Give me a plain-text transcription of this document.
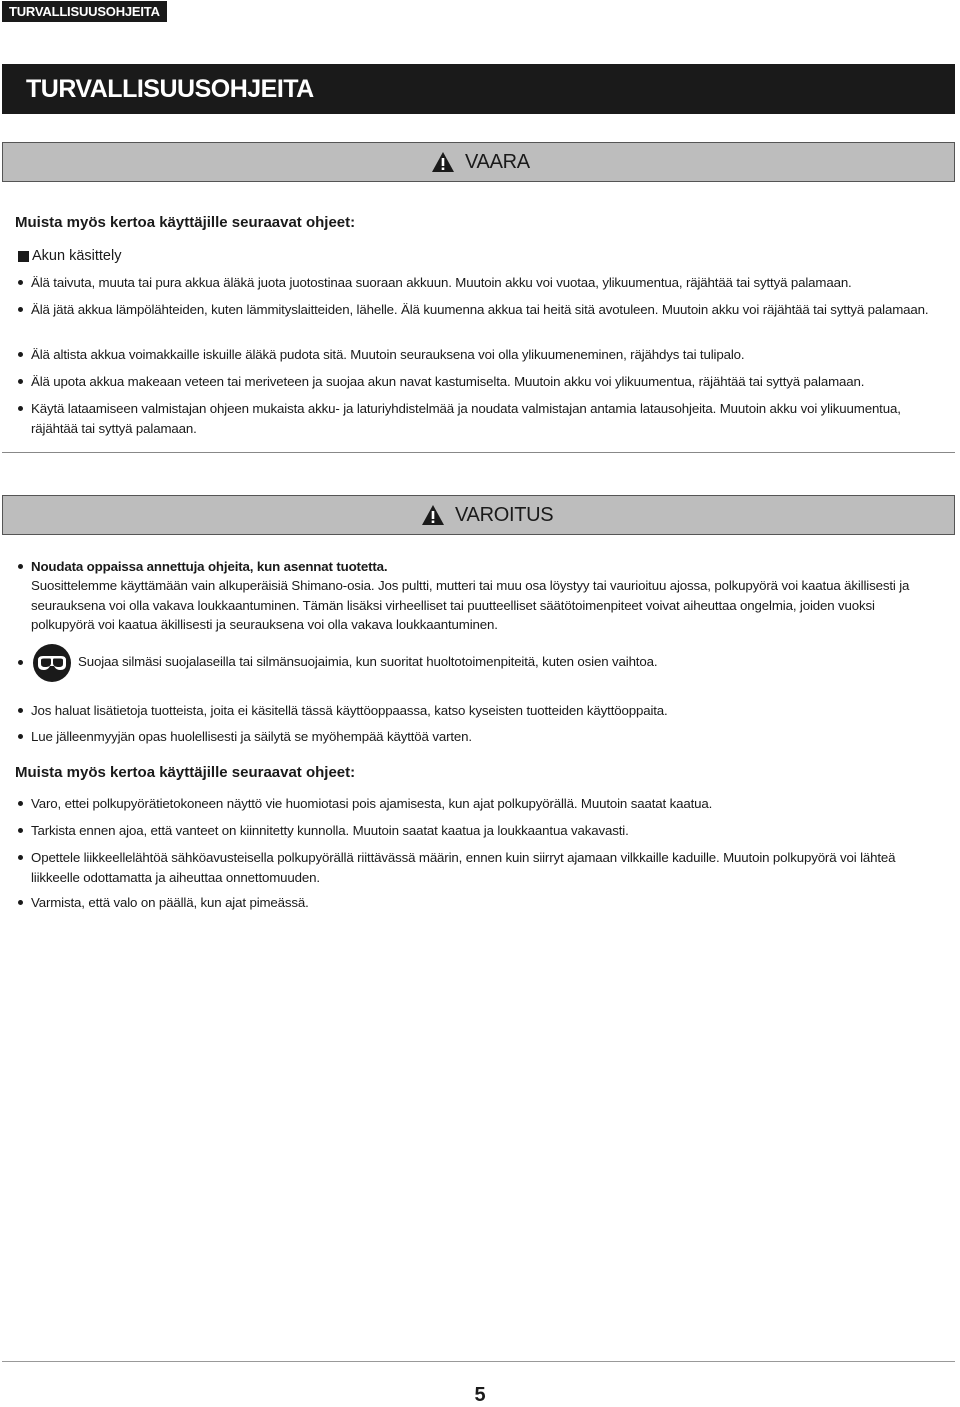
TURVALLISUUSOHJEITA
TURVALLISUUSOHJEITA
VAARA
Muista myös kertoa käyttäjille seuraavat ohjeet:
Akun käsittely
Älä taivuta, muuta tai pura akkua äläkä juota juotostinaa suoraan akkuun. Muutoin akku voi vuotaa, ylikuumentua, räjähtää tai syttyä palamaan.
Älä jätä akkua lämpölähteiden, kuten lämmityslaitteiden, lähelle. Älä kuumenna akkua tai heitä sitä avotuleen. Muutoin akku voi räjähtää tai syttyä palamaan.
Älä altista akkua voimakkaille iskuille äläkä pudota sitä. Muutoin seurauksena voi olla ylikuumeneminen, räjähdys tai tulipalo.
Älä upota akkua makeaan veteen tai meriveteen ja suojaa akun navat kastumiselta. Muutoin akku voi ylikuumentua, räjähtää tai syttyä palamaan.
Käytä lataamiseen valmistajan ohjeen mukaista akku- ja laturiyhdistelmää ja noudata valmistajan antamia latausohjeita. Muutoin akku voi ylikuumentua, räjähtää tai syttyä palamaan.
VAROITUS
Noudata oppaissa annettuja ohjeita, kun asennat tuotetta.
Suosittelemme käyttämään vain alkuperäisiä Shimano-osia. Jos pultti, mutteri tai muu osa löystyy tai vaurioituu ajossa, polkupyörä voi kaatua äkillisesti ja seurauksena voi olla vakava loukkaantuminen. Tämän lisäksi virheelliset tai puutteelliset säätötoimenpiteet voivat aiheuttaa ongelmia, joiden vuoksi polkupyörä voi kaatua äkillisesti ja seurauksena voi olla vakava loukkaantuminen.
Suojaa silmäsi suojalaseilla tai silmänsuojaimia, kun suoritat huoltotoimenpiteitä, kuten osien vaihtoa.
Jos haluat lisätietoja tuotteista, joita ei käsitellä tässä käyttöoppaassa, katso kyseisten tuotteiden käyttöoppaita.
Lue jälleenmyyjän opas huolellisesti ja säilytä se myöhempää käyttöä varten.
Muista myös kertoa käyttäjille seuraavat ohjeet:
Varo, ettei polkupyörätietokoneen näyttö vie huomiotasi pois ajamisesta, kun ajat polkupyörällä. Muutoin saatat kaatua.
Tarkista ennen ajoa, että vanteet on kiinnitetty kunnolla. Muutoin saatat kaatua ja loukkaantua vakavasti.
Opettele liikkeellelähtöä sähköavusteisella polkupyörällä riittävässä määrin, ennen kuin siirryt ajamaan vilkkaille kaduille. Muutoin polkupyörä voi lähteä liikkeelle odottamatta ja aiheuttaa onnettomuuden.
Varmista, että valo on päällä, kun ajat pimeässä.
5
